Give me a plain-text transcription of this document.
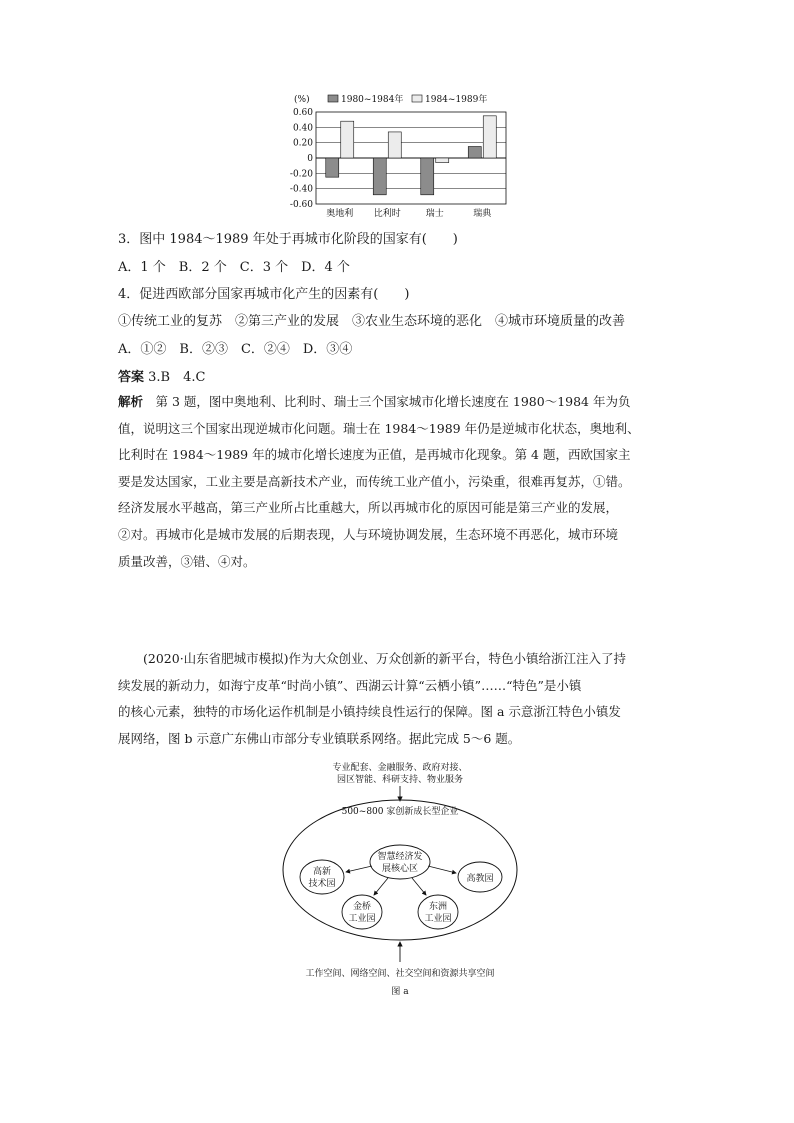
(%)	1980~1984年 1984~1989年
0.60
0.40
0.20
0
-0.20
-0.40
-0.60
奥地利 比利时	瑞士	瑞典
3．图中 1984～1989 年处于再城市化阶段的国家有(　　)
A．1 个　B．2 个　C．3 个　D．4 个
4．促进西欧部分国家再城市化产生的因素有(　　)
①传统工业的复苏　②第三产业的发展　③农业生态环境的恶化　④城市环境质量的改善
A．①②　B．②③　C．②④　D．③④
答案 3.B　4.C
解析　第 3 题，图中奥地利、比利时、瑞士三个国家城市化增长速度在 1980～1984 年为负
值，说明这三个国家出现逆城市化问题。瑞士在 1984～1989 年仍是逆城市化状态，奥地利、
比利时在 1984～1989 年的城市化增长速度为正值，是再城市化现象。第 4 题，西欧国家主
要是发达国家，工业主要是高新技术产业，而传统工业产值小，污染重，很难再复苏，①错。
经济发展水平越高，第三产业所占比重越大，所以再城市化的原因可能是第三产业的发展，
②对。再城市化是城市发展的后期表现，人与环境协调发展，生态环境不再恶化，城市环境
质量改善，③错、④对。
　　(2020·山东省肥城市模拟)作为大众创业、万众创新的新平台，特色小镇给浙江注入了持
续发展的新动力，如海宁皮革“时尚小镇”、西湖云计算“云栖小镇”……“特色”是小镇
的核心元素，独特的市场化运作机制是小镇持续良性运行的保障。图 a 示意浙江特色小镇发
展网络，图 b 示意广东佛山市部分专业镇联系网络。据此完成 5～6 题。
专业配套、金融服务、政府对接、
园区智能、科研支持、物业服务
500~800 家创新成长型企业
智慧经济发
展核心区
高新
技术园	高教园
金桥
工业园
东洲
工业园
工作空间、网络空间、社交空间和资源共享空间
图 a
